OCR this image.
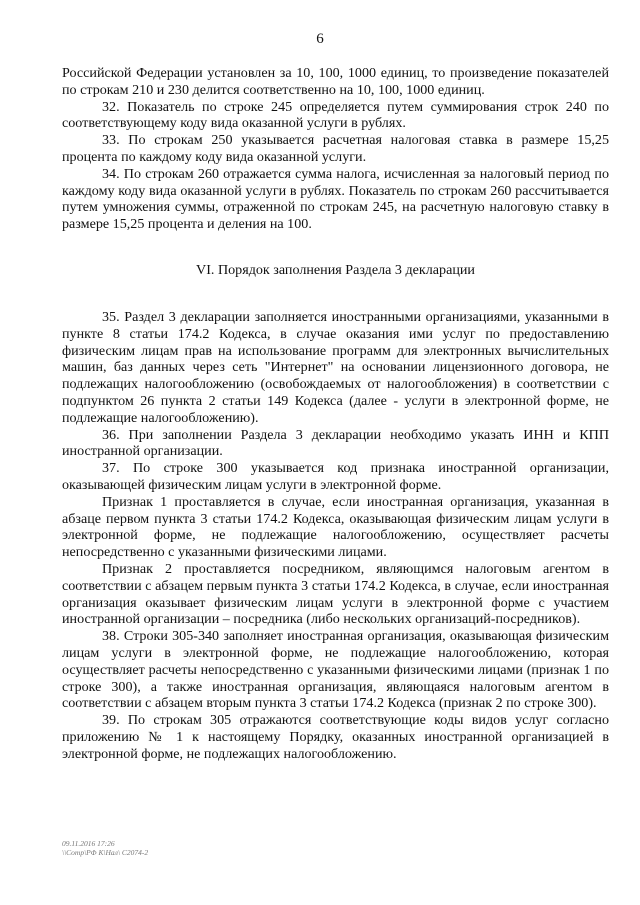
6

Российской Федерации установлен за 10, 100, 1000 единиц, то произведение показателей по строкам 210 и 230 делится соответственно на 10, 100, 1000 единиц.

32. Показатель по строке 245 определяется путем суммирования строк 240 по соответствующему коду вида оказанной услуги в рублях.

33. По строкам 250 указывается расчетная налоговая ставка в размере 15,25 процента по каждому коду вида оказанной услуги.

34. По строкам 260 отражается сумма налога, исчисленная за налоговый период по каждому коду вида оказанной услуги в рублях. Показатель по строкам 260 рассчитывается путем умножения суммы, отраженной по строкам 245, на расчетную налоговую ставку в размере 15,25 процента и деления на 100.

VI. Порядок заполнения Раздела 3 декларации

35. Раздел 3 декларации заполняется иностранными организациями, указанными в пункте 8 статьи 174.2 Кодекса, в случае оказания ими услуг по предоставлению физическим лицам прав на использование программ для электронных вычислительных машин, баз данных через сеть "Интернет" на основании лицензионного договора, не подлежащих налогообложению (освобождаемых от налогообложения) в соответствии с подпунктом 26 пункта 2 статьи 149 Кодекса (далее - услуги в электронной форме, не подлежащие налогообложению).

36. При заполнении Раздела 3 декларации необходимо указать ИНН и КПП иностранной организации.

37. По строке 300 указывается код признака иностранной организации, оказывающей физическим лицам услуги в электронной форме.

Признак 1 проставляется в случае, если иностранная организация, указанная в абзаце первом пункта 3 статьи 174.2 Кодекса, оказывающая физическим лицам услуги в электронной форме, не подлежащие налогообложению, осуществляет расчеты непосредственно с указанными физическими лицами.

Признак 2 проставляется посредником, являющимся налоговым агентом в соответствии с абзацем первым пункта 3 статьи 174.2 Кодекса, в случае, если иностранная организация оказывает физическим лицам услуги в электронной форме с участием иностранной организации – посредника (либо нескольких организаций-посредников).

38. Строки 305-340 заполняет иностранная организация, оказывающая физическим лицам услуги в электронной форме, не подлежащие налогообложению, которая осуществляет расчеты непосредственно с указанными физическими лицами (признак 1 по строке 300), а также иностранная организация, являющаяся налоговым агентом в соответствии с абзацем вторым пункта 3 статьи 174.2 Кодекса (признак 2 по строке 300).

39. По строкам 305 отражаются соответствующие коды видов услуг согласно приложению № 1 к настоящему Порядку, оказанных иностранной организацией в электронной форме, не подлежащих налогообложению.

09.11.2016 17:26
\\Comp\РФ К\Нал\ С2074-2
